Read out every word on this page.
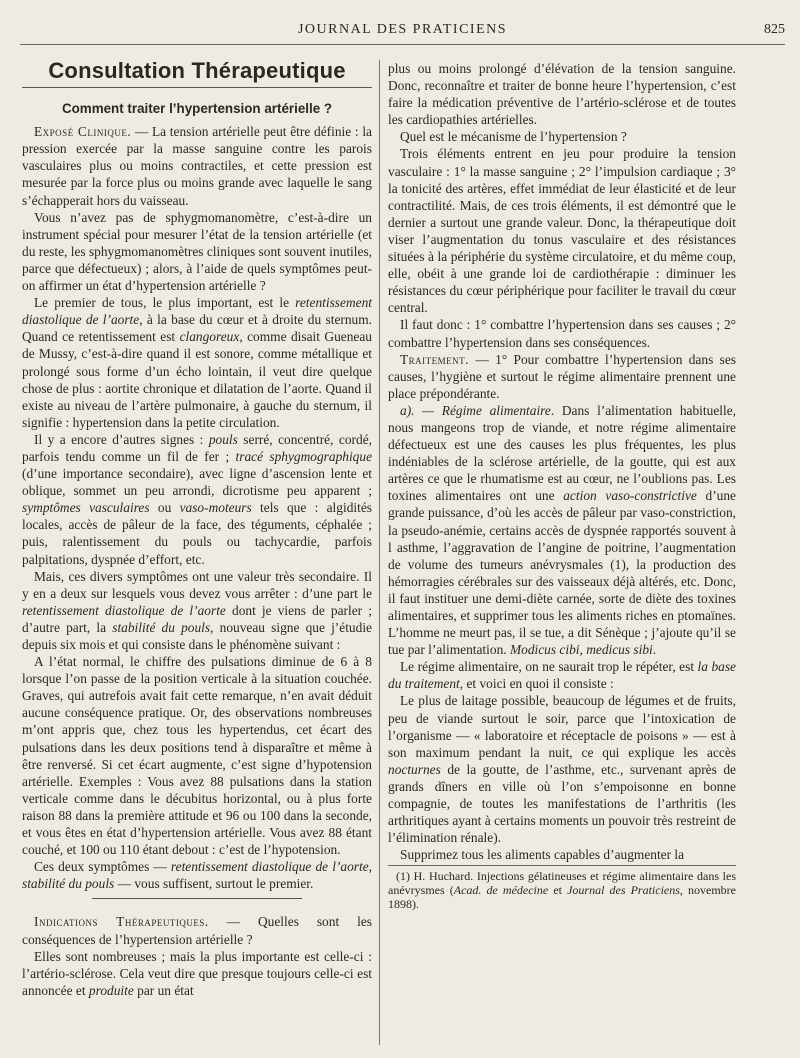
JOURNAL DES PRATICIENS	825
Consultation Thérapeutique
Comment traiter l’hypertension artérielle ?

Exposé Clinique. — La tension artérielle peut être définie : la pression exercée par la masse sanguine contre les parois vasculaires plus ou moins contractiles, et cette pression est mesurée par la force plus ou moins grande avec laquelle le sang s’échapperait hors du vaisseau.

Vous n’avez pas de sphygmomanomètre, c’est-à-dire un instrument spécial pour mesurer l’état de la tension artérielle (et du reste, les sphygmomanomètres cliniques sont souvent inutiles, parce que défectueux) ; alors, à l’aide de quels symptômes peut-on affirmer un état d’hypertension artérielle ?

Le premier de tous, le plus important, est le retentissement diastolique de l’aorte, à la base du cœur et à droite du sternum. Quand ce retentissement est clangoreux, comme disait Gueneau de Mussy, c’est-à-dire quand il est sonore, comme métallique et prolongé sous forme d’un écho lointain, il veut dire quelque chose de plus : aortite chronique et dilatation de l’aorte. Quand il existe au niveau de l’artère pulmonaire, à gauche du sternum, il signifie : hypertension dans la petite circulation.

Il y a encore d’autres signes : pouls serré, concentré, cordé, parfois tendu comme un fil de fer ; tracé sphygmographique (d’une importance secondaire), avec ligne d’ascension lente et oblique, sommet un peu arrondi, dicrotisme peu apparent ; symptômes vasculaires ou vaso-moteurs tels que : algidités locales, accès de pâleur de la face, des téguments, céphalée ; puis, ralentissement du pouls ou tachycardie, parfois palpitations, dyspnée d’effort, etc.

Mais, ces divers symptômes ont une valeur très secondaire. Il y en a deux sur lesquels vous devez vous arrêter : d’une part le retentissement diastolique de l’aorte dont je viens de parler ; d’autre part, la stabilité du pouls, nouveau signe que j’étudie depuis six mois et qui consiste dans le phénomène suivant :

A l’état normal, le chiffre des pulsations diminue de 6 à 8 lorsque l’on passe de la position verticale à la situation couchée. Graves, qui autrefois avait fait cette remarque, n’en avait déduit aucune conséquence pratique. Or, des observations nombreuses m’ont appris que, chez tous les hypertendus, cet écart des pulsations dans les deux positions tend à disparaître et même à être renversé. Si cet écart augmente, c’est signe d’hypotension artérielle. Exemples : Vous avez 88 pulsations dans la station verticale comme dans le décubitus horizontal, ou à plus forte raison 88 dans la première attitude et 96 ou 100 dans la seconde, et vous êtes en état d’hypertension artérielle. Vous avez 88 étant couché, et 100 ou 110 étant debout : c’est de l’hypotension.

Ces deux symptômes — retentissement diastolique de l’aorte, stabilité du pouls — vous suffisent, surtout le premier.

Indications Thérapeutiques. — Quelles sont les conséquences de l’hypertension artérielle ?

Elles sont nombreuses ; mais la plus importante est celle-ci : l’artério-sclérose. Cela veut dire que presque toujours celle-ci est annoncée et produite par un état

plus ou moins prolongé d’élévation de la tension sanguine. Donc, reconnaître et traiter de bonne heure l’hypertension, c’est faire la médication préventive de l’artério-sclérose et de toutes les cardiopathies artérielles.

Quel est le mécanisme de l’hypertension ?

Trois éléments entrent en jeu pour produire la tension vasculaire : 1° la masse sanguine ; 2° l’impulsion cardiaque ; 3° la tonicité des artères, effet immédiat de leur élasticité et de leur contractilité. Mais, de ces trois éléments, il est démontré que le dernier a surtout une grande valeur. Donc, la thérapeutique doit viser l’augmentation du tonus vasculaire et des résistances situées à la périphérie du système circulatoire, et du même coup, elle, obéit à une grande loi de cardiothérapie : diminuer les résistances du cœur périphérique pour faciliter le travail du cœur central.

Il faut donc : 1° combattre l’hypertension dans ses causes ; 2° combattre l’hypertension dans ses conséquences.

Traitement. — 1° Pour combattre l’hypertension dans ses causes, l’hygiène et surtout le régime alimentaire prennent une place prépondérante.

a). — Régime alimentaire. Dans l’alimentation habituelle, nous mangeons trop de viande, et notre régime alimentaire défectueux est une des causes les plus fréquentes, les plus indéniables de la sclérose artérielle, de la goutte, qui est aux artères ce que le rhumatisme est au cœur, ne l’oublions pas. Les toxines alimentaires ont une action vaso-constrictive d’une grande puissance, d’où les accès de pâleur par vaso-constriction, la pseudo-anémie, certains accès de dyspnée rapportés souvent à l asthme, l’aggravation de l’angine de poitrine, l’augmentation de volume des tumeurs anévrysmales (1), la production des hémorragies cérébrales sur des vaisseaux déjà altérés, etc. Donc, il faut instituer une demi-diète carnée, sorte de diète des toxines alimentaires, et supprimer tous les aliments riches en ptomaïnes. L’homme ne meurt pas, il se tue, a dit Sénèque ; j’ajoute qu’il se tue par l’alimentation. Modicus cibi, medicus sibi.

Le régime alimentaire, on ne saurait trop le répéter, est la base du traitement, et voici en quoi il consiste :

Le plus de laitage possible, beaucoup de légumes et de fruits, peu de viande surtout le soir, parce que l’intoxication de l’organisme — « laboratoire et réceptacle de poisons » — est à son maximum pendant la nuit, ce qui explique les accès nocturnes de la goutte, de l’asthme, etc., survenant après de grands dîners en ville où l’on s’empoisonne en bonne compagnie, de toutes les manifestations de l’arthritis (les arthritiques ayant à certains moments un pouvoir très restreint de l’élimination rénale).

Supprimez tous les aliments capables d’augmenter la

(1) H. Huchard. Injections gélatineuses et régime alimentaire dans les anévrysmes (Acad. de médecine et Journal des Praticiens, novembre 1898).
